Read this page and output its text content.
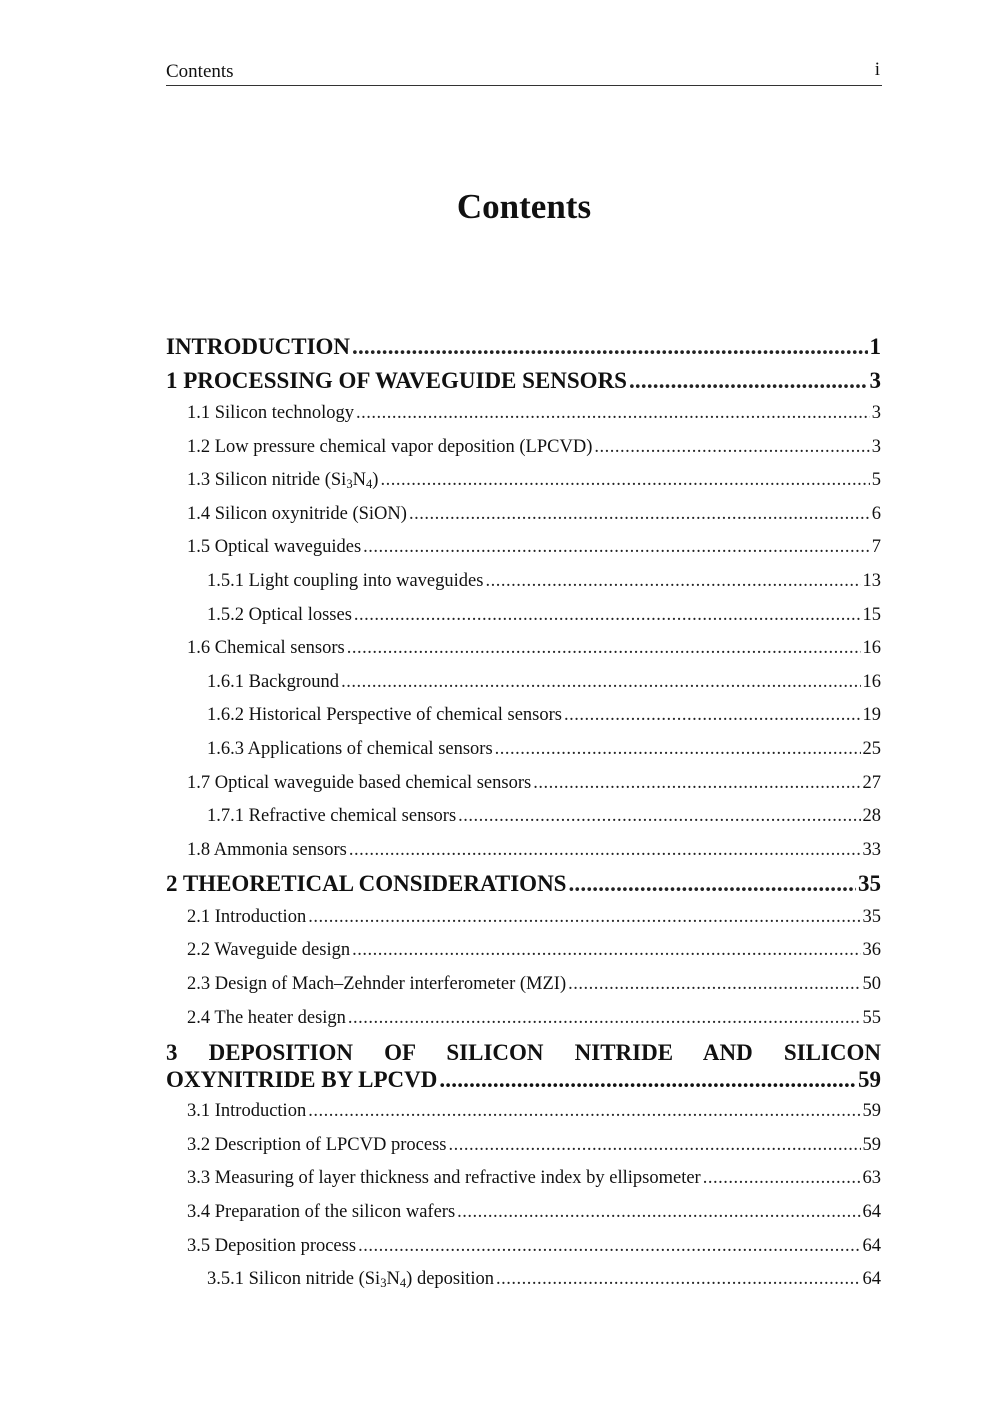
Contents	i
Contents
INTRODUCTION .....	1
1 PROCESSING OF WAVEGUIDE SENSORS .....	3
1.1 Silicon technology .....	3
1.2 Low pressure chemical vapor deposition (LPCVD) .....	3
1.3 Silicon nitride $(Si_3N_4)$ .....	5
1.4 Silicon oxynitride (SiON) .....	6
1.5 Optical waveguides .....	7
1.5.1 Light coupling into waveguides .....	13
1.5.2 Optical losses .....	15
1.6 Chemical sensors .....	16
1.6.1 Background .....	16
1.6.2 Historical Perspective of chemical sensors .....	19
1.6.3 Applications of chemical sensors .....	25
1.7 Optical waveguide based chemical sensors .....	27
1.7.1 Refractive chemical sensors .....	28
1.8 Ammonia sensors .....	33
2 THEORETICAL CONSIDERATIONS .....	35
2.1 Introduction .....	35
2.2 Waveguide design .....	36
2.3 Design of Mach–Zehnder interferometer (MZI) .....	50
2.4 The heater design .....	55
3 DEPOSITION OF SILICON NITRIDE AND SILICON
OXYNITRIDE BY LPCVD .....	59
3.1 Introduction .....	59
3.2 Description of LPCVD process .....	59
3.3 Measuring of layer thickness and refractive index by ellipsometer .....	63
3.4 Preparation of the silicon wafers .....	64
3.5 Deposition process .....	64
3.5.1 Silicon nitride $(Si_3N_4)$ deposition .....	64
